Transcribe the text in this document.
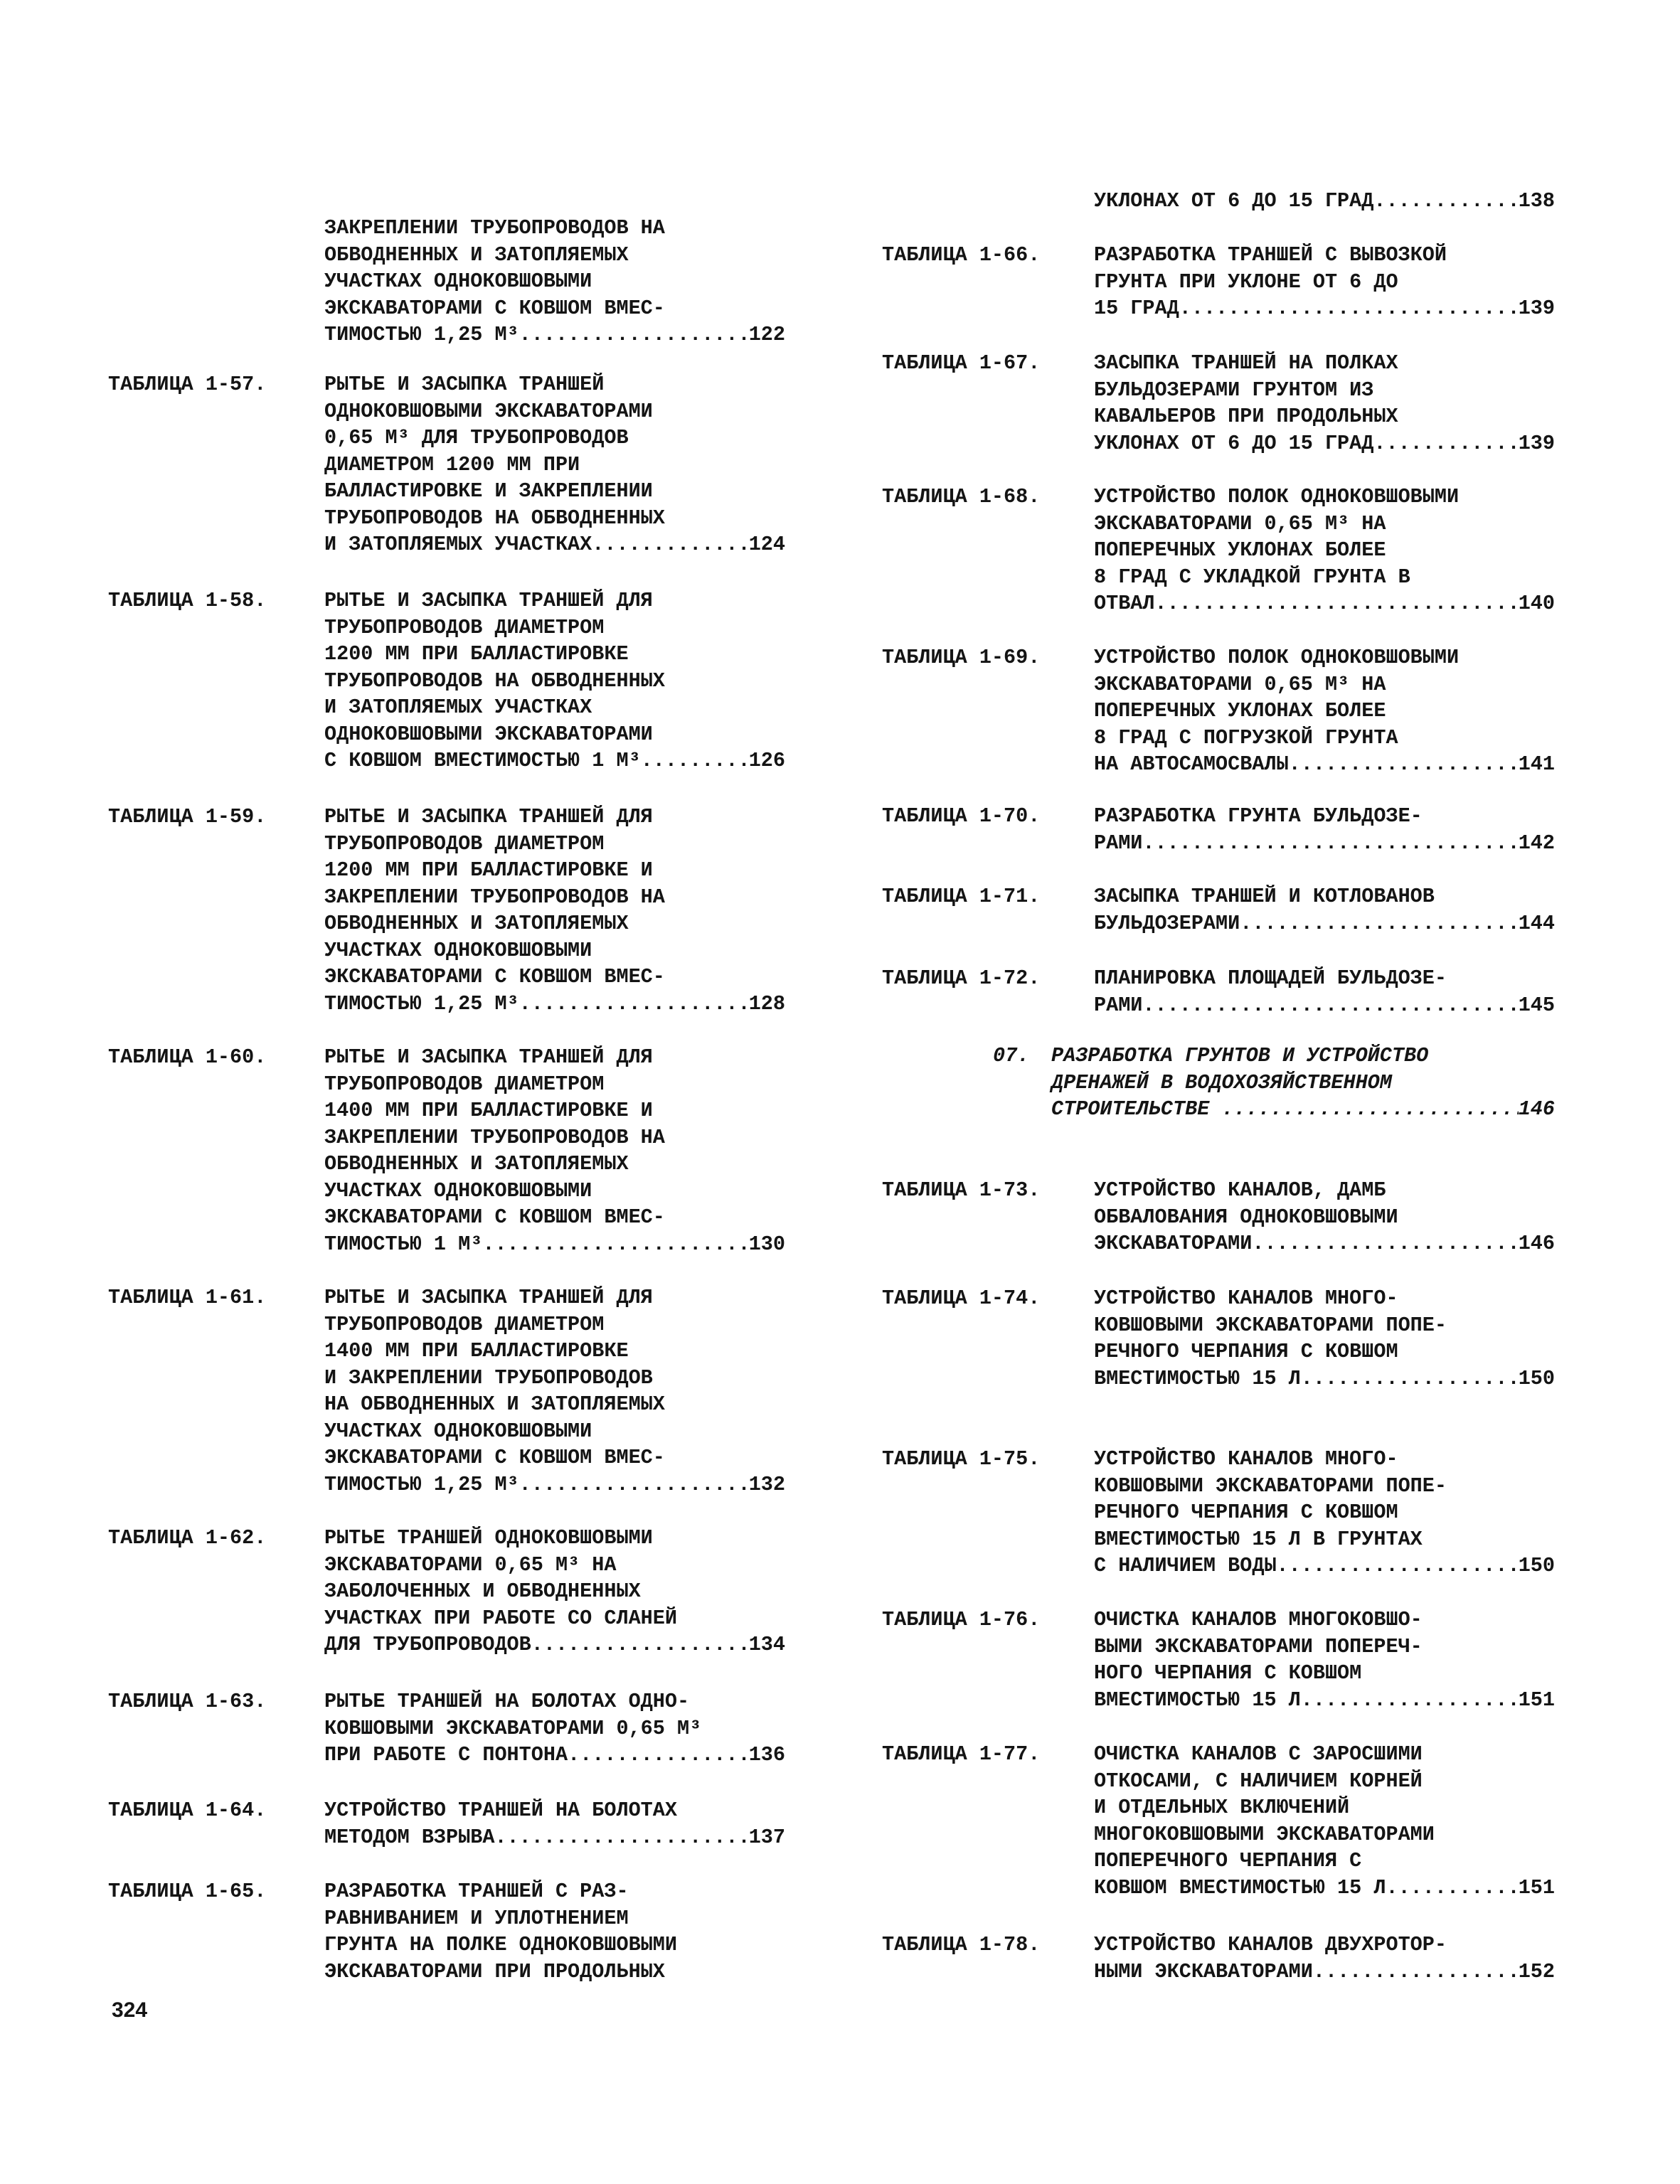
ЗАКРЕПЛЕНИИ ТРУБОПРОВОДОВ НА
ОБВОДНЕННЫХ И ЗАТОПЛЯЕМЫХ
УЧАСТКАХ ОДНОКОВШОВЫМИ
ЭКСКАВАТОРАМИ С КОВШОМ ВМЕС-
ТИМОСТЬЮ 1,25 М³ .....	122
ТАБЛИЦА 1-57.	РЫТЬЕ И ЗАСЫПКА ТРАНШЕЙ
ОДНОКОВШОВЫМИ ЭКСКАВАТОРАМИ
0,65 М³ ДЛЯ ТРУБОПРОВОДОВ
ДИАМЕТРОМ 1200 ММ ПРИ
БАЛЛАСТИРОВКЕ И ЗАКРЕПЛЕНИИ
ТРУБОПРОВОДОВ НА ОБВОДНЕННЫХ
И ЗАТОПЛЯЕМЫХ УЧАСТКАХ .....	124
ТАБЛИЦА 1-58.	РЫТЬЕ И ЗАСЫПКА ТРАНШЕЙ ДЛЯ
ТРУБОПРОВОДОВ ДИАМЕТРОМ
1200 ММ ПРИ БАЛЛАСТИРОВКЕ
ТРУБОПРОВОДОВ НА ОБВОДНЕННЫХ
И ЗАТОПЛЯЕМЫХ УЧАСТКАХ
ОДНОКОВШОВЫМИ ЭКСКАВАТОРАМИ
С КОВШОМ ВМЕСТИМОСТЬЮ 1 М³ .....	126
ТАБЛИЦА 1-59.	РЫТЬЕ И ЗАСЫПКА ТРАНШЕЙ ДЛЯ
ТРУБОПРОВОДОВ ДИАМЕТРОМ
1200 ММ ПРИ БАЛЛАСТИРОВКЕ И
ЗАКРЕПЛЕНИИ ТРУБОПРОВОДОВ НА
ОБВОДНЕННЫХ И ЗАТОПЛЯЕМЫХ
УЧАСТКАХ ОДНОКОВШОВЫМИ
ЭКСКАВАТОРАМИ С КОВШОМ ВМЕС-
ТИМОСТЬЮ 1,25 М³ .....	128
ТАБЛИЦА 1-60.	РЫТЬЕ И ЗАСЫПКА ТРАНШЕЙ ДЛЯ
ТРУБОПРОВОДОВ ДИАМЕТРОМ
1400 ММ ПРИ БАЛЛАСТИРОВКЕ И
ЗАКРЕПЛЕНИИ ТРУБОПРОВОДОВ НА
ОБВОДНЕННЫХ И ЗАТОПЛЯЕМЫХ
УЧАСТКАХ ОДНОКОВШОВЫМИ
ЭКСКАВАТОРАМИ С КОВШОМ ВМЕС-
ТИМОСТЬЮ 1 М³ .....	130
ТАБЛИЦА 1-61.	РЫТЬЕ И ЗАСЫПКА ТРАНШЕЙ ДЛЯ
ТРУБОПРОВОДОВ ДИАМЕТРОМ
1400 ММ ПРИ БАЛЛАСТИРОВКЕ
И ЗАКРЕПЛЕНИИ ТРУБОПРОВОДОВ
НА ОБВОДНЕННЫХ И ЗАТОПЛЯЕМЫХ
УЧАСТКАХ ОДНОКОВШОВЫМИ
ЭКСКАВАТОРАМИ С КОВШОМ ВМЕС-
ТИМОСТЬЮ 1,25 М³ .....	132
ТАБЛИЦА 1-62.	РЫТЬЕ ТРАНШЕЙ ОДНОКОВШОВЫМИ
ЭКСКАВАТОРАМИ 0,65 М³ НА
ЗАБОЛОЧЕННЫХ И ОБВОДНЕННЫХ
УЧАСТКАХ ПРИ РАБОТЕ СО СЛАНЕЙ
ДЛЯ ТРУБОПРОВОДОВ .....	134
ТАБЛИЦА 1-63.	РЫТЬЕ ТРАНШЕЙ НА БОЛОТАХ ОДНО-
КОВШОВЫМИ ЭКСКАВАТОРАМИ 0,65 М³
ПРИ РАБОТЕ С ПОНТОНА .....	136
ТАБЛИЦА 1-64.	УСТРОЙСТВО ТРАНШЕЙ НА БОЛОТАХ
МЕТОДОМ ВЗРЫВА .....	137
ТАБЛИЦА 1-65.	РАЗРАБОТКА ТРАНШЕЙ С РАЗ-
РАВНИВАНИЕМ И УПЛОТНЕНИЕМ
ГРУНТА НА ПОЛКЕ ОДНОКОВШОВЫМИ
ЭКСКАВАТОРАМИ ПРИ ПРОДОЛЬНЫХ
УКЛОНАХ ОТ 6 ДО 15 ГРАД .....	138
ТАБЛИЦА 1-66.	РАЗРАБОТКА ТРАНШЕЙ С ВЫВОЗКОЙ
ГРУНТА ПРИ УКЛОНЕ ОТ 6 ДО
15 ГРАД .....	139
ТАБЛИЦА 1-67.	ЗАСЫПКА ТРАНШЕЙ НА ПОЛКАХ
БУЛЬДОЗЕРАМИ ГРУНТОМ ИЗ
КАВАЛЬЕРОВ ПРИ ПРОДОЛЬНЫХ
УКЛОНАХ ОТ 6 ДО 15 ГРАД .....	139
ТАБЛИЦА 1-68.	УСТРОЙСТВО ПОЛОК ОДНОКОВШОВЫМИ
ЭКСКАВАТОРАМИ 0,65 М³ НА
ПОПЕРЕЧНЫХ УКЛОНАХ БОЛЕЕ
8 ГРАД С УКЛАДКОЙ ГРУНТА В
ОТВАЛ .....	140
ТАБЛИЦА 1-69.	УСТРОЙСТВО ПОЛОК ОДНОКОВШОВЫМИ
ЭКСКАВАТОРАМИ 0,65 М³ НА
ПОПЕРЕЧНЫХ УКЛОНАХ БОЛЕЕ
8 ГРАД С ПОГРУЗКОЙ ГРУНТА
НА АВТОСАМОСВАЛЫ .....	141
ТАБЛИЦА 1-70.	РАЗРАБОТКА ГРУНТА БУЛЬДОЗЕ-
РАМИ .....	142
ТАБЛИЦА 1-71.	ЗАСЫПКА ТРАНШЕЙ И КОТЛОВАНОВ
БУЛЬДОЗЕРАМИ .....	144
ТАБЛИЦА 1-72.	ПЛАНИРОВКА ПЛОЩАДЕЙ БУЛЬДОЗЕ-
РАМИ .....	145
07. РАЗРАБОТКА ГРУНТОВ И УСТРОЙСТВО
ДРЕНАЖЕЙ В ВОДОХОЗЯЙСТВЕННОМ
СТРОИТЕЛЬСТВЕ .....	146
ТАБЛИЦА 1-73.	УСТРОЙСТВО КАНАЛОВ, ДАМБ
ОБВАЛОВАНИЯ ОДНОКОВШОВЫМИ
ЭКСКАВАТОРАМИ .....	146
ТАБЛИЦА 1-74.	УСТРОЙСТВО КАНАЛОВ МНОГО-
КОВШОВЫМИ ЭКСКАВАТОРАМИ ПОПЕ-
РЕЧНОГО ЧЕРПАНИЯ С КОВШОМ
ВМЕСТИМОСТЬЮ 15 Л .....	150
ТАБЛИЦА 1-75.	УСТРОЙСТВО КАНАЛОВ МНОГО-
КОВШОВЫМИ ЭКСКАВАТОРАМИ ПОПЕ-
РЕЧНОГО ЧЕРПАНИЯ С КОВШОМ
ВМЕСТИМОСТЬЮ 15 Л В ГРУНТАХ
С НАЛИЧИЕМ ВОДЫ .....	150
ТАБЛИЦА 1-76.	ОЧИСТКА КАНАЛОВ МНОГОКОВШО-
ВЫМИ ЭКСКАВАТОРАМИ ПОПЕРЕЧ-
НОГО ЧЕРПАНИЯ С КОВШОМ
ВМЕСТИМОСТЬЮ 15 Л .....	151
ТАБЛИЦА 1-77.	ОЧИСТКА КАНАЛОВ С ЗАРОСШИМИ
ОТКОСАМИ, С НАЛИЧИЕМ КОРНЕЙ
И ОТДЕЛЬНЫХ ВКЛЮЧЕНИЙ
МНОГОКОВШОВЫМИ ЭКСКАВАТОРАМИ
ПОПЕРЕЧНОГО ЧЕРПАНИЯ С
КОВШОМ ВМЕСТИМОСТЬЮ 15 Л .....	151
ТАБЛИЦА 1-78.	УСТРОЙСТВО КАНАЛОВ ДВУХРОТОР-
НЫМИ ЭКСКАВАТОРАМИ .....	152
324
